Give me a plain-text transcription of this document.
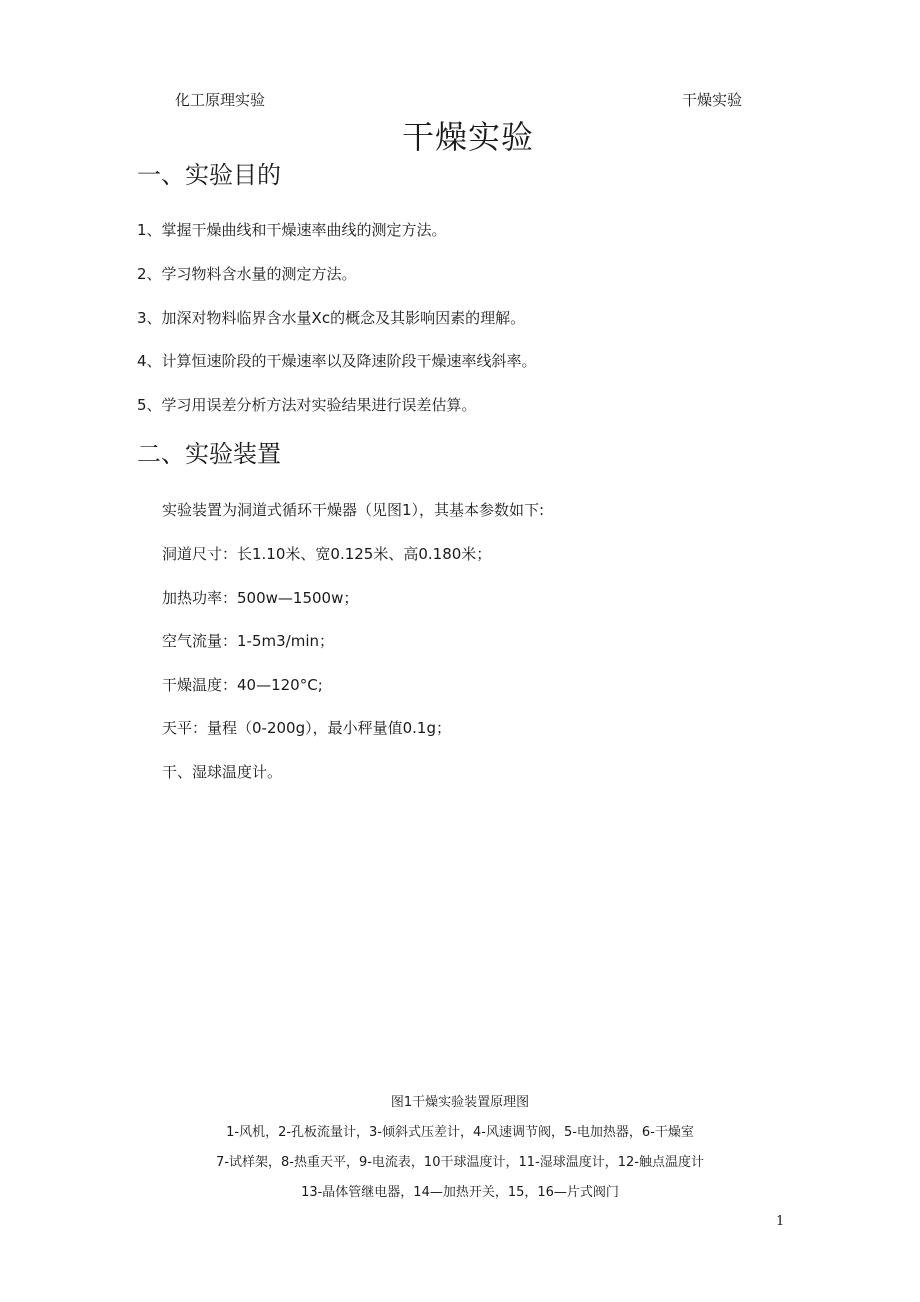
化工原理实验	干燥实验
干燥实验
一、实验目的
1、掌握干燥曲线和干燥速率曲线的测定方法。
2、学习物料含水量的测定方法。
3、加深对物料临界含水量Xc的概念及其影响因素的理解。
4、计算恒速阶段的干燥速率以及降速阶段干燥速率线斜率。
5、学习用误差分析方法对实验结果进行误差估算。
二、实验装置
实验装置为洞道式循环干燥器（见图1），其基本参数如下:
洞道尺寸：长1.10米、宽0.125米、高0.180米；
加热功率：500w—1500w；
空气流量：1-5m3/min；
干燥温度：40—120°C;
天平：量程（0-200g），最小秤量值0.1g；
干、湿球温度计。
图1干燥实验装置原理图
1-风机，2-孔板流量计，3-倾斜式压差计，4-风速调节阀，5-电加热器，6-干燥室
7-试样架，8-热重天平，9-电流表，10干球温度计，11-湿球温度计，12-触点温度计
13-晶体管继电器，14—加热开关，15，16—片式阀门
1
